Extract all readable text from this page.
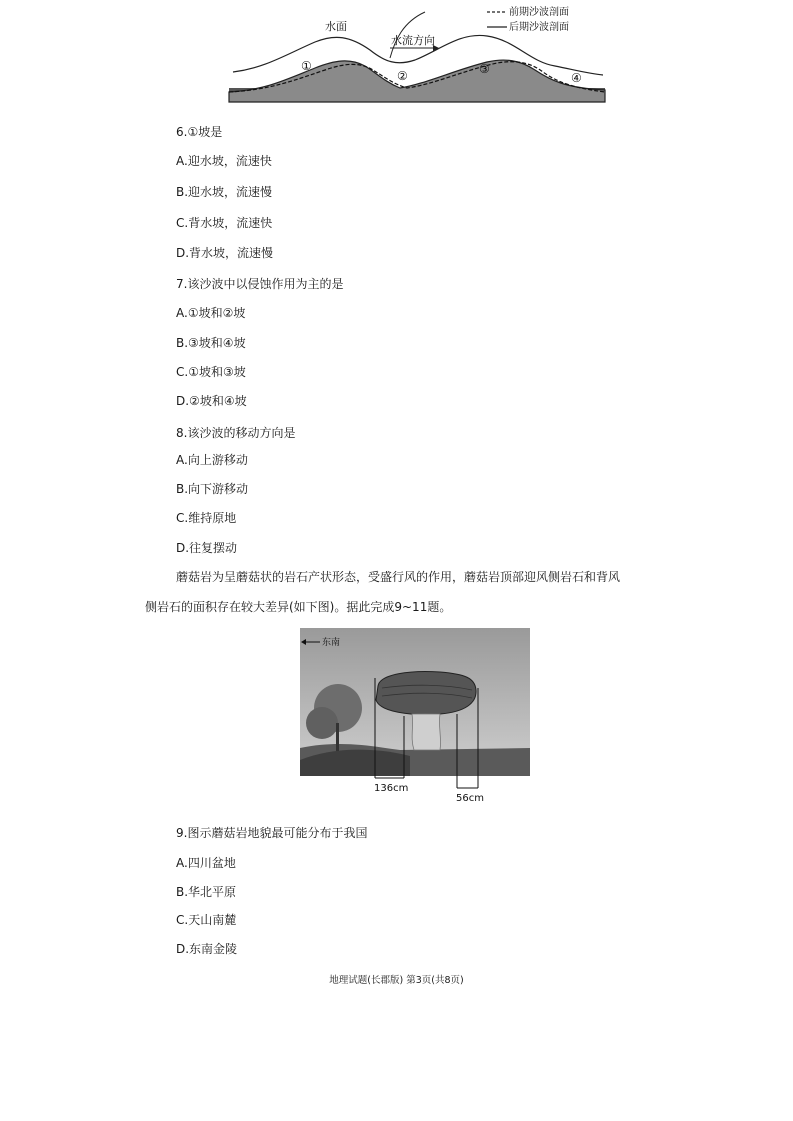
水面
水流方向
前期沙波剖面
后期沙波剖面
①
②	③
④
6.①坡是
A.迎水坡，流速快
B.迎水坡，流速慢
C.背水坡，流速快
D.背水坡，流速慢
7.该沙波中以侵蚀作用为主的是
A.①坡和②坡
B.③坡和④坡
C.①坡和③坡
D.②坡和④坡
8.该沙波的移动方向是
A.向上游移动
B.向下游移动
C.维持原地
D.往复摆动
蘑菇岩为呈蘑菇状的岩石产状形态，受盛行风的作用，蘑菇岩顶部迎风侧岩石和背风
侧岩石的面积存在较大差异(如下图)。据此完成9~11题。
东南
136cm
56cm
9.图示蘑菇岩地貌最可能分布于我国
A.四川盆地
B.华北平原
C.天山南麓
D.东南金陵
地理试题(长郡版) 第3页(共8页)
